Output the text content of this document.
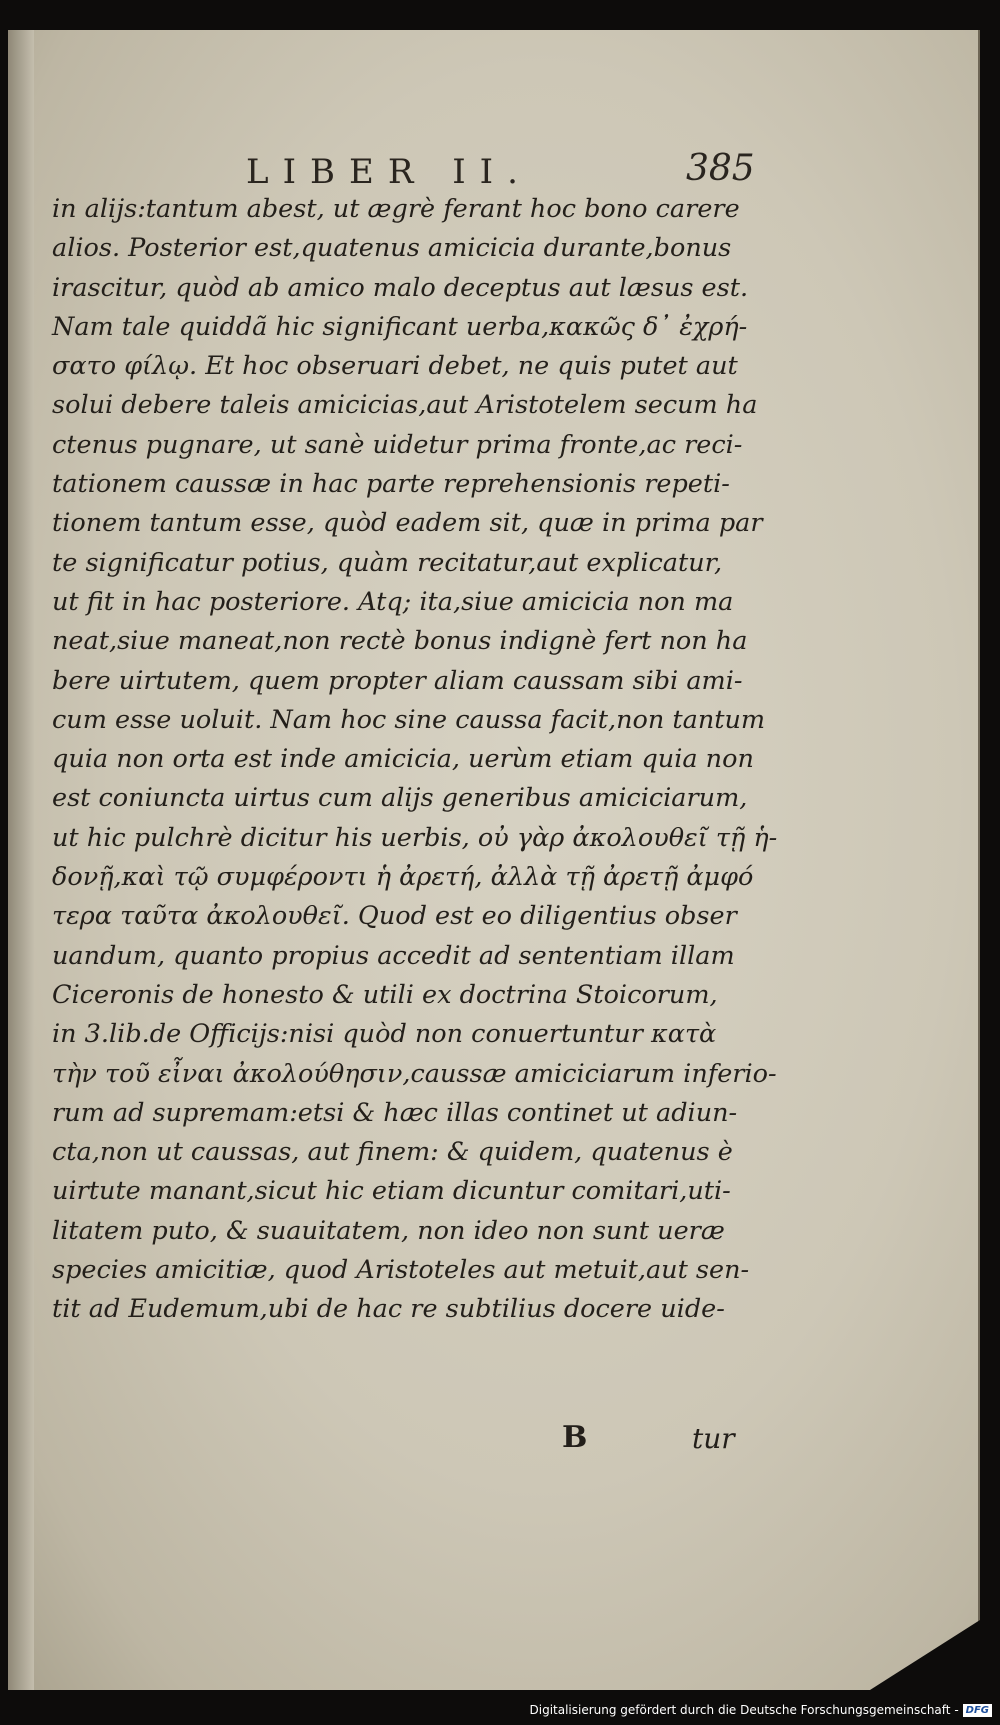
LIBER II.	385
in alijs:tantum abest, ut ægrè ferant hoc bono carere
alios. Posterior est,quatenus amicicia durante,bonus
irascitur, quòd ab amico malo deceptus aut læsus est.
Nam tale quiddã hic significant uerba,κακῶς δ᾽ ἐχρή-
σατο φίλῳ. Et hoc obseruari debet, ne quis putet aut
solui debere taleis amicicias,aut Aristotelem secum ha
ctenus pugnare, ut sanè uidetur prima fronte,ac reci-
tationem caussæ in hac parte reprehensionis repeti-
tionem tantum esse, quòd eadem sit, quæ in prima par
te significatur potius, quàm recitatur,aut explicatur,
ut fit in hac posteriore. Atq; ita,siue amicicia non ma
neat,siue maneat,non rectè bonus indignè fert non ha
bere uirtutem, quem propter aliam caussam sibi ami-
cum esse uoluit. Nam hoc sine caussa facit,non tantum
quia non orta est inde amicicia, uerùm etiam quia non
est coniuncta uirtus cum alijs generibus amiciciarum,
ut hic pulchrè dicitur his uerbis, οὐ γὰρ ἀκολουθεῖ τῇ ἡ-
δονῇ,καὶ τῷ συμφέροντι ἡ ἀρετή, ἀλλὰ τῇ ἀρετῇ ἀμφό
τερα ταῦτα ἀκολουθεῖ. Quod est eo diligentius obser
uandum, quanto propius accedit ad sententiam illam
Ciceronis de honesto & utili ex doctrina Stoicorum,
in 3.lib.de Officijs:nisi quòd non conuertuntur κατὰ
τὴν τοῦ εἶναι ἀκολούθησιν,caussæ amiciciarum inferio-
rum ad supremam:etsi & hæc illas continet ut adiun-
cta,non ut caussas, aut finem: & quidem, quatenus è
uirtute manant,sicut hic etiam dicuntur comitari,uti-
litatem puto, & suauitatem, non ideo non sunt ueræ
species amicitiæ, quod Aristoteles aut metuit,aut sen-
tit ad Eudemum,ubi de hac re subtilius docere uide-
B	tur
Digitalisierung gefördert durch die Deutsche Forschungsgemeinschaft - DFG
